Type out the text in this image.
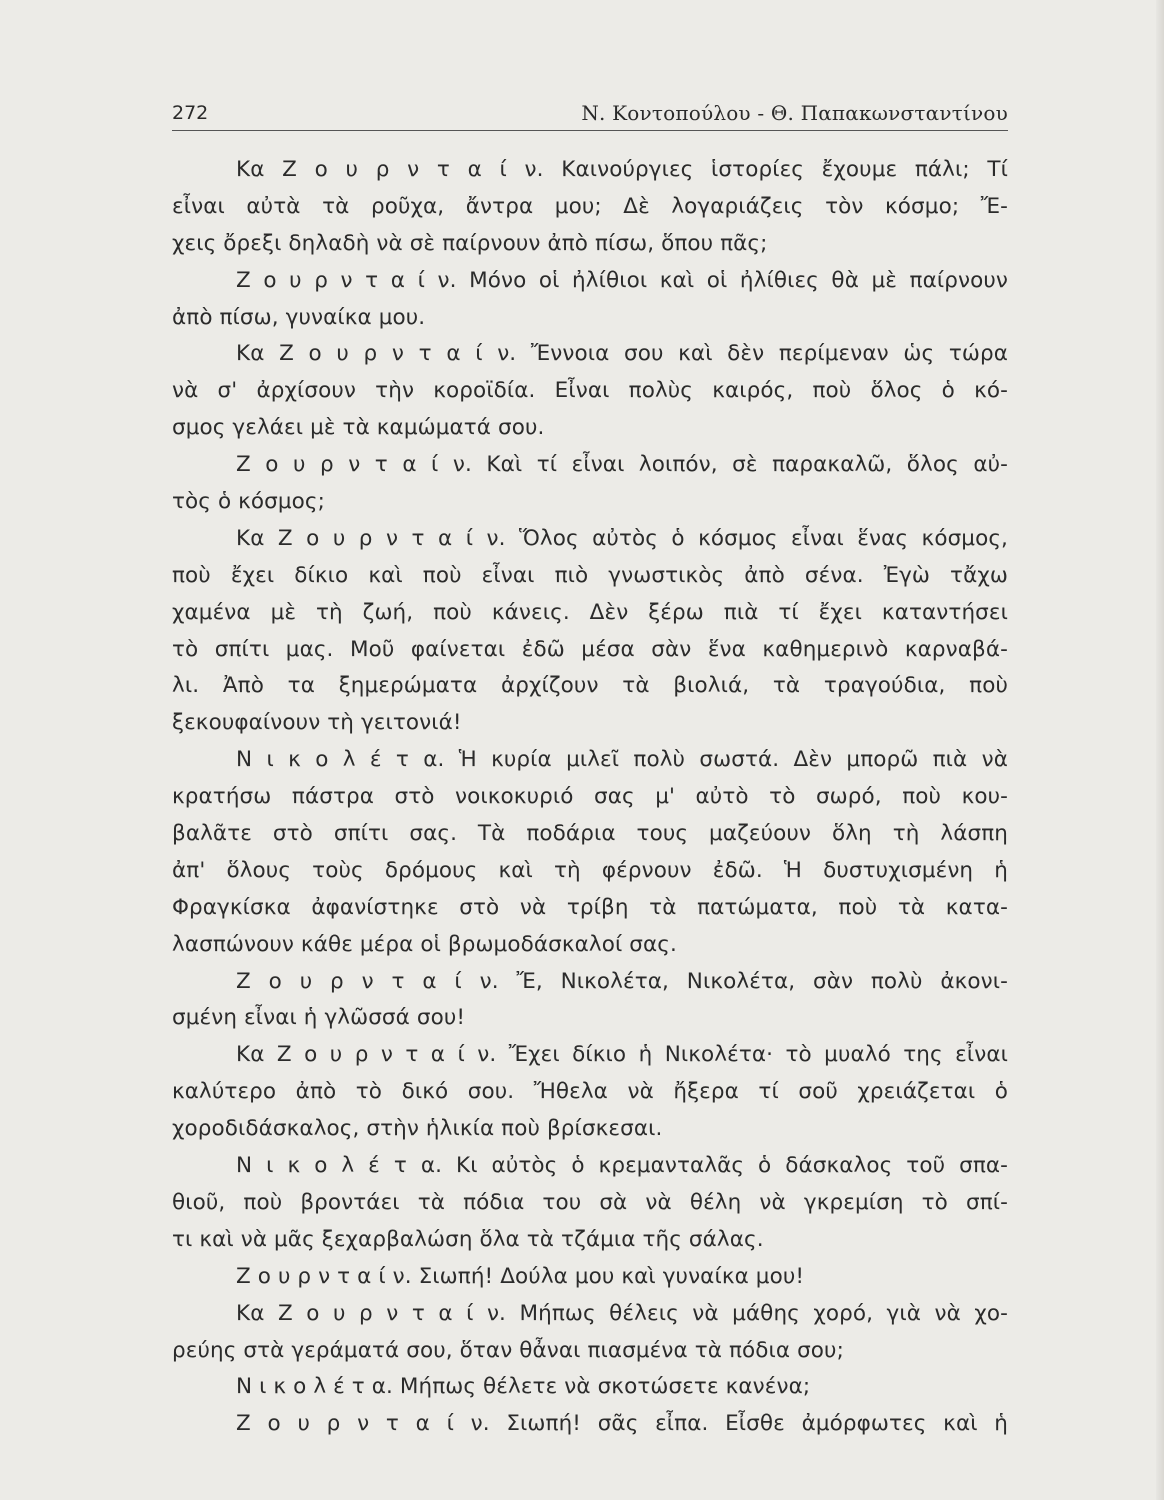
272	Ν. Κοντοπούλου - Θ. Παπακωνσταντίνου
Κα Ζ ο υ ρ ν τ α ί ν. Καινούργιες ἱστορίες ἔχουμε πάλι; Τί
εἶναι αὐτὰ τὰ ροῦχα, ἄντρα μου; Δὲ λογαριάζεις τὸν κόσμο; Ἔ-
χεις ὄρεξι δηλαδὴ νὰ σὲ παίρνουν ἀπὸ πίσω, ὅπου πᾶς;
Ζ ο υ ρ ν τ α ί ν. Μόνο οἱ ἠλίθιοι καὶ οἱ ἠλίθιες θὰ μὲ παίρνουν
ἀπὸ πίσω, γυναίκα μου.
Κα Ζ ο υ ρ ν τ α ί ν. Ἔννοια σου καὶ δὲν περίμεναν ὡς τώρα
νὰ σ' ἀρχίσουν τὴν κοροϊδία. Εἶναι πολὺς καιρός, ποὺ ὅλος ὁ κό-
σμος γελάει μὲ τὰ καμώματά σου.
Ζ ο υ ρ ν τ α ί ν. Καὶ τί εἶναι λοιπόν, σὲ παρακαλῶ, ὅλος αὐ-
τὸς ὁ κόσμος;
Κα Ζ ο υ ρ ν τ α ί ν. Ὅλος αὐτὸς ὁ κόσμος εἶναι ἕνας κόσμος,
ποὺ ἔχει δίκιο καὶ ποὺ εἶναι πιὸ γνωστικὸς ἀπὸ σένα. Ἐγὼ τἄχω
χαμένα μὲ τὴ ζωή, ποὺ κάνεις. Δὲν ξέρω πιὰ τί ἔχει καταντήσει
τὸ σπίτι μας. Μοῦ φαίνεται ἐδῶ μέσα σὰν ἕνα καθημερινὸ καρναβά-
λι. Ἀπὸ τα ξημερώματα ἀρχίζουν τὰ βιολιά, τὰ τραγούδια, ποὺ
ξεκουφαίνουν τὴ γειτονιά!
Ν ι κ ο λ έ τ α. Ἡ κυρία μιλεῖ πολὺ σωστά. Δὲν μπορῶ πιὰ νὰ
κρατήσω πάστρα στὸ νοικοκυριό σας μ' αὐτὸ τὸ σωρό, ποὺ κου-
βαλᾶτε στὸ σπίτι σας. Τὰ ποδάρια τους μαζεύουν ὅλη τὴ λάσπη
ἀπ' ὅλους τοὺς δρόμους καὶ τὴ φέρνουν ἐδῶ. Ἡ δυστυχισμένη ἡ
Φραγκίσκα ἀφανίστηκε στὸ νὰ τρίβη τὰ πατώματα, ποὺ τὰ κατα-
λασπώνουν κάθε μέρα οἱ βρωμοδάσκαλοί σας.
Ζ ο υ ρ ν τ α ί ν. Ἔ, Νικολέτα, Νικολέτα, σὰν πολὺ ἀκονι-
σμένη εἶναι ἡ γλῶσσά σου!
Κα Ζ ο υ ρ ν τ α ί ν. Ἔχει δίκιο ἡ Νικολέτα· τὸ μυαλό της εἶναι
καλύτερο ἀπὸ τὸ δικό σου. Ἤθελα νὰ ἤξερα τί σοῦ χρειάζεται ὁ
χοροδιδάσκαλος, στὴν ἡλικία ποὺ βρίσκεσαι.
Ν ι κ ο λ έ τ α. Κι αὐτὸς ὁ κρεμανταλᾶς ὁ δάσκαλος τοῦ σπα-
θιοῦ, ποὺ βροντάει τὰ πόδια του σὰ νὰ θέλη νὰ γκρεμίση τὸ σπί-
τι καὶ νὰ μᾶς ξεχαρβαλώση ὅλα τὰ τζάμια τῆς σάλας.
Ζ ο υ ρ ν τ α ί ν. Σιωπή! Δούλα μου καὶ γυναίκα μου!
Κα Ζ ο υ ρ ν τ α ί ν. Μήπως θέλεις νὰ μάθης χορό, γιὰ νὰ χο-
ρεύης στὰ γεράματά σου, ὅταν θἆναι πιασμένα τὰ πόδια σου;
Ν ι κ ο λ έ τ α. Μήπως θέλετε νὰ σκοτώσετε κανένα;
Ζ ο υ ρ ν τ α ί ν. Σιωπή! σᾶς εἶπα. Εἶσθε ἀμόρφωτες καὶ ἡ
